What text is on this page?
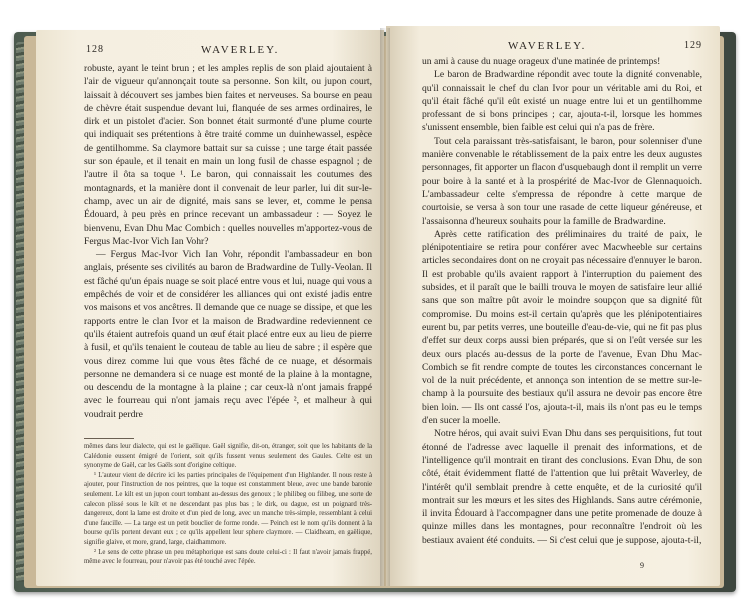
128	WAVERLEY.

robuste, ayant le teint brun ; et les amples replis de son plaid ajoutaient à l'air de vigueur qu'annonçait toute sa personne. Son kilt, ou jupon court, laissait à découvert ses jambes bien faites et nerveuses. Sa bourse en peau de chèvre était suspendue devant lui, flanquée de ses armes ordinaires, le dirk et un pistolet d'acier. Son bonnet était surmonté d'une plume courte qui indiquait ses prétentions à être traité comme un duinhewassel, espèce de gentilhomme. Sa claymore battait sur sa cuisse ; une targe était passée sur son épaule, et il tenait en main un long fusil de chasse espagnol ; de l'autre il ôta sa toque ¹. Le baron, qui connaissait les coutumes des montagnards, et la manière dont il convenait de leur parler, lui dit sur-le-champ, avec un air de dignité, mais sans se lever, et, comme le pensa Édouard, à peu près en prince recevant un ambassadeur : — Soyez le bienvenu, Evan Dhu Mac Combich : quelles nouvelles m'apportez-vous de Fergus Mac-Ivor Vich Ian Vohr?

— Fergus Mac-Ivor Vich Ian Vohr, répondit l'ambassadeur en bon anglais, présente ses civilités au baron de Bradwardine de Tully-Veolan. Il est fâché qu'un épais nuage se soit placé entre vous et lui, nuage qui vous a empêchés de voir et de considérer les alliances qui ont existé jadis entre vos maisons et vos ancêtres. Il demande que ce nuage se dissipe, et que les rapports entre le clan Ivor et la maison de Bradwardine redeviennent ce qu'ils étaient autrefois quand un œuf était placé entre eux au lieu de pierre à fusil, et qu'ils tenaient le couteau de table au lieu de sabre ; il espère que vous direz comme lui que vous êtes fâché de ce nuage, et désormais personne ne demandera si ce nuage est monté de la plaine à la montagne, ou descendu de la montagne à la plaine ; car ceux-là n'ont jamais frappé avec le fourreau qui n'ont jamais reçu avec l'épée ², et malheur à qui voudrait perdre

mêmes dans leur dialecte, qui est le gaëlique. Gaël signifie, dit-on, étranger, soit que les habitants de la Calédonie eussent émigré de l'orient, soit qu'ils fussent venus seulement des Gaules. Celte est un synonyme de Gaël, car les Gaëls sont d'origine celtique.

¹ L'auteur vient de décrire ici les parties principales de l'équipement d'un Highlander. Il nous reste à ajouter, pour l'instruction de nos peintres, que la toque est constamment bleue, avec une bande baronie seulement. Le kilt est un jupon court tombant au-dessus des genoux ; le philibeg ou filibeg, une sorte de calecon plissé sous le kilt et ne descendant pas plus bas ; le dirk, ou dague, est un poignard très-dangereux, dont la lame est droite et d'un pied de long, avec un manche très-simple, ressemblant à celui d'une faucille. — La targe est un petit bouclier de forme ronde. — Peinch est le nom qu'ils donnent à la bourse qu'ils portent devant eux ; ce qu'ils appellent leur sphere claymore. — Claidheam, en gaëlique, signifie glaive, et more, grand, large, claidhammore.

² Le sens de cette phrase un peu métaphorique est sans doute celui-ci : Il faut n'avoir jamais frappé, même avec le fourreau, pour n'avoir pas été touché avec l'épée.

WAVERLEY.	129

un ami à cause du nuage orageux d'une matinée de printemps!

Le baron de Bradwardine répondit avec toute la dignité convenable, qu'il connaissait le chef du clan Ivor pour un véritable ami du Roi, et qu'il était fâché qu'il eût existé un nuage entre lui et un gentilhomme professant de si bons principes ; car, ajouta-t-il, lorsque les hommes s'unissent ensemble, bien faible est celui qui n'a pas de frère.

Tout cela paraissant très-satisfaisant, le baron, pour solenniser d'une manière convenable le rétablissement de la paix entre les deux augustes personnages, fit apporter un flacon d'usquebaugh dont il remplit un verre pour boire à la santé et à la prospérité de Mac-Ivor de Glennaquoich. L'ambassadeur celte s'empressa de répondre à cette marque de courtoisie, se versa à son tour une rasade de cette liqueur généreuse, et l'assaisonna d'heureux souhaits pour la famille de Bradwardine.

Après cette ratification des préliminaires du traité de paix, le plénipotentiaire se retira pour conférer avec Macwheeble sur certains articles secondaires dont on ne croyait pas nécessaire d'ennuyer le baron. Il est probable qu'ils avaient rapport à l'interruption du paiement des subsides, et il paraît que le bailli trouva le moyen de satisfaire leur allié sans que son maître pût avoir le moindre soupçon que sa dignité fût compromise. Du moins est-il certain qu'après que les plénipotentiaires eurent bu, par petits verres, une bouteille d'eau-de-vie, qui ne fit pas plus d'effet sur deux corps aussi bien préparés, que si on l'eût versée sur les deux ours placés au-dessus de la porte de l'avenue, Evan Dhu Mac-Combich se fit rendre compte de toutes les circonstances concernant le vol de la nuit précédente, et annonça son intention de se mettre sur-le-champ à la poursuite des bestiaux qu'il assura ne devoir pas encore être bien loin. — Ils ont cassé l'os, ajouta-t-il, mais ils n'ont pas eu le temps d'en sucer la moelle.

Notre héros, qui avait suivi Evan Dhu dans ses perquisitions, fut tout étonné de l'adresse avec laquelle il prenait des informations, et de l'intelligence qu'il montrait en tirant des conclusions. Evan Dhu, de son côté, était évidemment flatté de l'attention que lui prêtait Waverley, de l'intérêt qu'il semblait prendre à cette enquête, et de la curiosité qu'il montrait sur les mœurs et les sites des Highlands. Sans autre cérémonie, il invita Édouard à l'accompagner dans une petite promenade de douze à quinze milles dans les montagnes, pour reconnaître l'endroit où les bestiaux avaient été conduits. — Si c'est celui que je suppose, ajouta-t-il,

9
